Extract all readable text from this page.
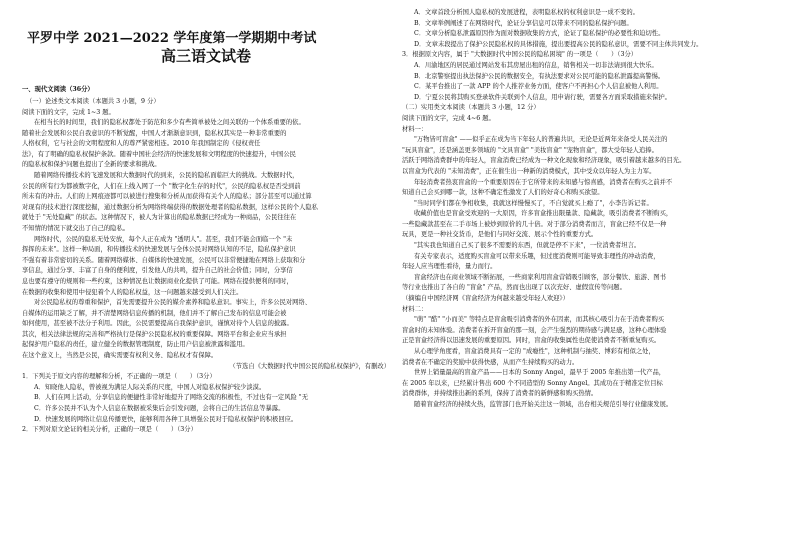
平罗中学 2021—2022 学年度第一学期期中考试
高三语文试卷
一、现代文阅读（36分）
（一）论述类文本阅读（本题共 3 小题，9 分）
阅读下面的文字，完成 1~3 题。
在相当长的时间里，我们的隐私权都处于防范和多少有些简单被处之间关联的一个体系重要的依。
随着社会发展和公民自我意识的不断觉醒，中国人才渐渐意识到，隐私权其实是一种非常重要的
人格权利，它与社会的文明程度和人的尊严紧密相连。2010 年我国制定的《侵权责任
法》，有了明确的隐私权保护条款。随着中国社会经济的快速发展和文明程度的快速提升，中国公民
的隐私权和保护问题也提出了全新的要求和挑战。
随着网络传播技术的飞速发展和大数据时代的到来，公民的隐私面临巨大的挑战。大数据时代，
公民的所有行为都被数字化，人们在上线入网了一个 "数字化生存的时代"，公民的隐私权是否受到前
所未有的冲击。人们的上网痕迹都可以被进行搜集和分析从而获得有关个人的隐私；部分甚至可以通过算
对现有的技术进行深度挖掘，通过数据分析为网络终端获得的数据处理者的隐私数据，这样公民的个人隐私
就处于 "无处隐藏" 的状态。这种情况下，被人为计算出的隐私数据已经成为一种商品，公民往往在
不知情的情况下就交出了自己的隐私。
网络时代，公民的隐私无处安放，每个人正在成为 "透明人"。甚至，我们不能会面临一个 "未
挥挥的未来"。这样一种局面，和传播技术的快速发展与全体公民对网络认知的不足，隐私保护意识
不强有着非常密切的关系。随着网络媒体、自媒体的快速发展，公民可以非常便捷地在网络上获取和分
享信息，通过分享、丰富了自身的便利度，引发他人的共鸣，提升自己的社会价值；同时，分享信
息也要有遵守的规则和一些约束，这种情况也让数据商业化提供了可能。网络在提供便利的同时，
在数据的收集和使用中侵犯着个人的隐私权益，这一问题越来越受到人们关注。
对公民隐私权的尊重和保护，首先需要提升公民的媒介素养和隐私意识。事实上，许多公民对网络、
自媒体的运用缺乏了解，并不清楚网络信息传播的机制，他们并不了解自己发布的信息可能会被
如何使用，甚至被不法分子利用。因此，公民需要提高自我保护意识，谨慎对待个人信息的披露。
其次，相关法律法规的完善和严格执行是保护公民隐私权的重要保障。网络平台和企业应当承担
起保护用户隐私的责任，建立健全的数据管理制度，防止用户信息被泄露和滥用。
在这个意义上，当然是公民，确实需要有权利义务、隐私权才有保障。
（节选自《大数据时代中国公民的隐私权保护》，有删改）
1．下列关于原文内容的理解和分析，不正确的一项是（　　）（3分）
A．知晓他人隐私，曾被视为满足人际关系的尺度，中国人对隐私权保护较少淡漠。
B．人们在网上活动，分享信息的便捷性非常好地提升了网络交流的积极性，不过也有一定风险 "无
C．许多公民并不认为个人信息在数据被采集后会引发问题，会将自己的生活信息等暴露。
D．快速发展的网络让信息传播更快，能够利用各种工具增强公民对于隐私权保护的积极回应。
2．下列对原文论证的相关分析，正确的一项是（　　）（3分）
A．文章首段分析国人隐私权的发展进程，表明隐私权的权利意识是一成不变的。
B．文章举例阐述了在网络时代，论证分享信息可以带来不同的隐私保护问题。
C．文章分析隐私泄露原因作为面对数据收集的方式，论证了隐私保护的必要性和迫切性。
D．文章末段提出了保护公民隐私权的具体措施，提出要提高公民的隐私意识，需要不同主体共同发力。
3．根据原文内容，属于 "大数据时代中国公民的隐私困境" 的一项是（　　）（3分）
A．川渝地区的居民通过网站发布其房屋出租的信息，销售相关一切非法请到很大快乐。
B．北京警察提出执法保护公民的数据安全，有执法要求对公民可能的隐私泄露提高警惕。
C．某平台推出了一款 APP 的个人推荐业务方面，使客户不再担心个人信息被他人利用。
D．宁夏公民将其购买登录软件关联到个人信息，用申请行驶，需要各方面采取措施来保护。
（二）实用类文本阅读（本题共 3 小题，12 分）
阅读下面的文字，完成 4~6 题。
材料一：
"万物皆可盲盒" ——似乎正在成为当下年轻人的普遍共识，无论是近两年来备受人民关注的
"玩具盲盒"，还是涵盖更多领域的 "文具盲盒" "美妆盲盒" "宠物盲盒"，都大受年轻人追捧。
活跃于网络消费群中的年轻人，盲盒消费已经成为一种文化现象和经济现象，吸引着越来越多的目光。
以盲盒为代表的 "未知消费"，正在催生出一种新的消费模式，其中受众以年轻人为主力军。
年轻消费者热衷盲盒的一个重要原因在于它所带来的未知感与惊喜感，消费者在购买之前并不
知道自己会买到哪一款，这种不确定性激发了人们的好奇心和购买欲望。
"当时同学们都在争相收集，我就这样慢慢买了，不自觉就买上瘾了"，小李告诉记者。
收藏价值也是盲盒受欢迎的一大原因，许多盲盒推出限量款、隐藏款，吸引消费者不断购买，
一些隐藏款甚至在二手市场上被炒到原价的几十倍。对于部分消费者而言，盲盒已经不仅是一种
玩具，更是一种社交货币，是他们与同好交流、展示个性的重要方式。
"其实我也知道自己买了很多不需要的东西，但就是停不下来"，一位消费者坦言。
有关专家表示，适度购买盲盒可以带来乐趣，但过度消费则可能导致非理性的冲动消费，
年轻人应当理性看待，量力而行。
盲盒经济也在商业领域不断拓展，一些商家利用盲盒营销吸引顾客，部分餐饮、旅游、图书
等行业也推出了各自的 "盲盒" 产品，然而也出现了以次充好、虚假宣传等问题。
（摘编自中国经济网《盲盒经济为何越来越受年轻人欢迎》）
材料二：
"萌" "酷" "小而美" 等特点是盲盒吸引消费者的外在因素，而其核心吸引力在于消费者购买
盲盒时的未知体验。消费者在拆开盲盒的那一刻，会产生强烈的期待感与满足感，这种心理体验
正是盲盒经济得以迅速发展的重要原因。同时，盲盒的收集属性也促使消费者不断重复购买。
从心理学角度看，盲盒消费具有一定的 "成瘾性"，这种机制与抽奖、博彩有相似之处，
消费者在不确定的奖励中获得快感，从而产生持续购买的动力。
世界上销量最高的盲盒产品——日本的 Sonny Angel，最早于 2005 年推出第一代产品，
在 2005 年以来，已经累计售出 600 个不同造型的 Sonny Angel。其成功在于精准定位目标
消费群体，并持续推出新的系列，保持了消费者的新鲜感和购买热情。
随着盲盒经济的持续火热，监管部门也开始关注这一领域，出台相关规范引导行业健康发展。
